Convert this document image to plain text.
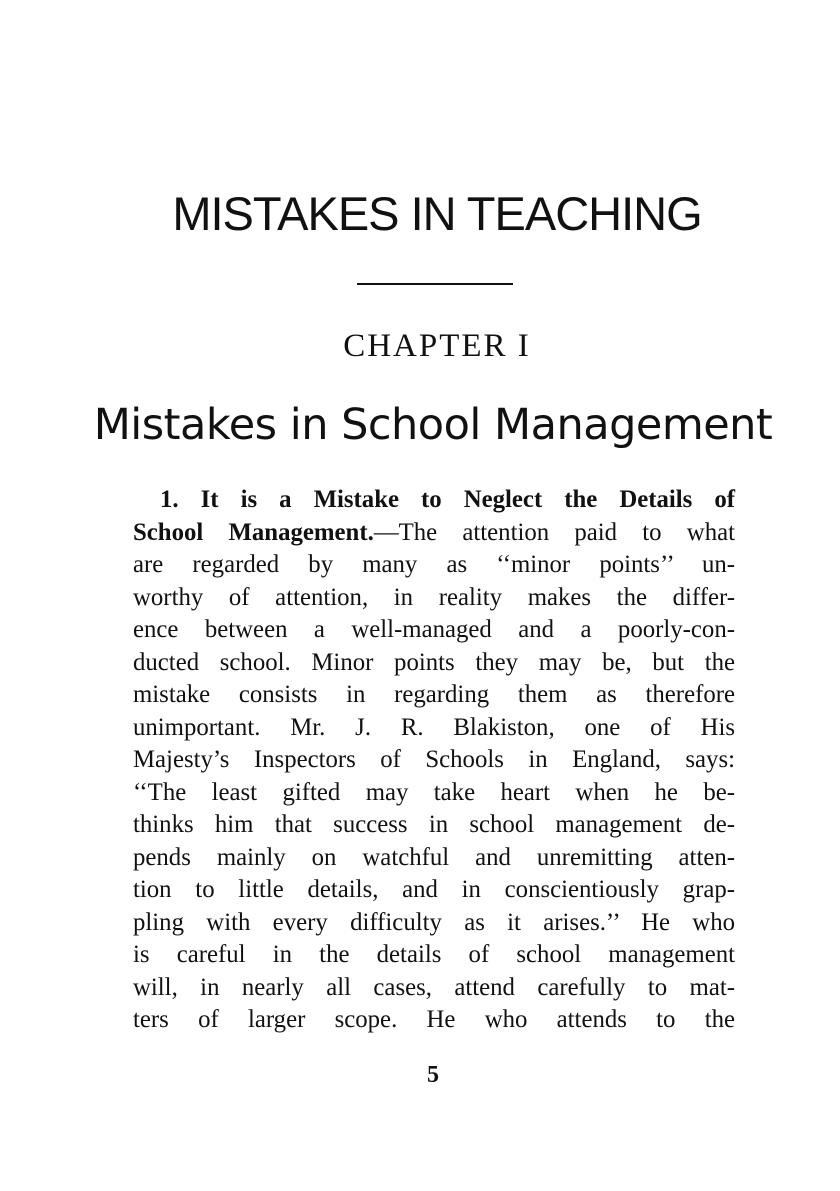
MISTAKES IN TEACHING
CHAPTER I
Mistakes in School Management
1. It is a Mistake to Neglect the Details of
School Management.—The attention paid to what
are regarded by many as ‘‘minor points’’ un-
worthy of attention, in reality makes the differ-
ence between a well-managed and a poorly-con-
ducted school. Minor points they may be, but the
mistake consists in regarding them as therefore
unimportant. Mr. J. R. Blakiston, one of His
Majesty’s Inspectors of Schools in England, says:
‘‘The least gifted may take heart when he be-
thinks him that success in school management de-
pends mainly on watchful and unremitting atten-
tion to little details, and in conscientiously grap-
pling with every difficulty as it arises.’’ He who
is careful in the details of school management
will, in nearly all cases, attend carefully to mat-
ters of larger scope. He who attends to the
5
